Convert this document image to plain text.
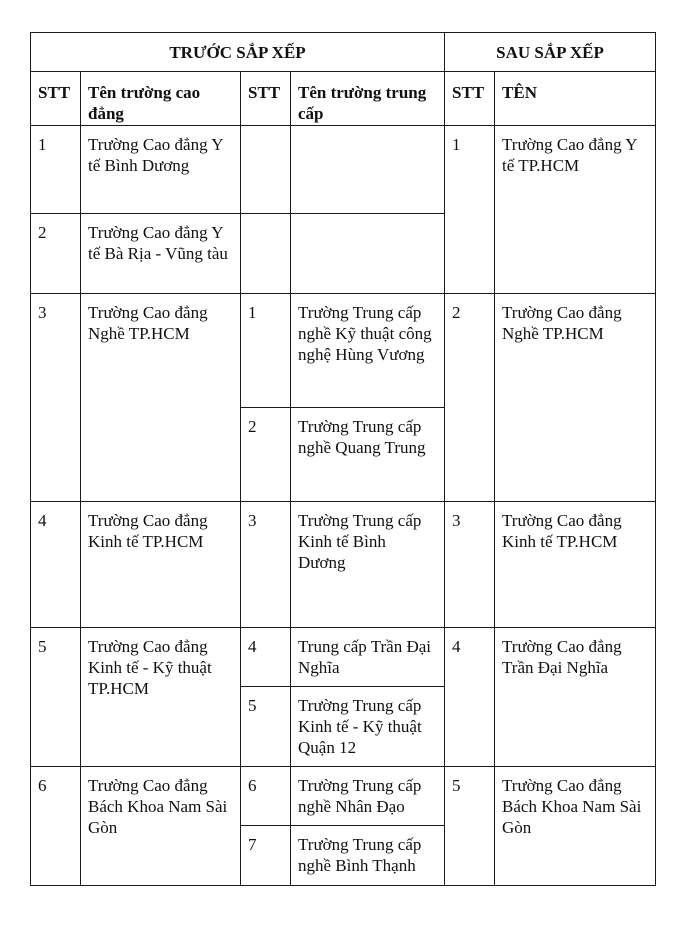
TRƯỚC SẮP XẾP				SAU SẮP XẾP	
STT	Tên trường cao đẳng	STT	Tên trường trung cấp	STT	TÊN
1	Trường Cao đẳng Y tế Bình Dương			1	Trường Cao đẳng Y tế TP.HCM
2	Trường Cao đẳng Y tế Bà Rịa - Vũng tàu				
3	Trường Cao đẳng Nghề TP.HCM	1	Trường Trung cấp nghề Kỹ thuật công nghệ Hùng Vương	2	Trường Cao đẳng Nghề TP.HCM
		2	Trường Trung cấp nghề Quang Trung		
4	Trường Cao đẳng Kinh tế TP.HCM	3	Trường Trung cấp Kinh tế Bình Dương	3	Trường Cao đẳng Kinh tế TP.HCM
5	Trường Cao đẳng Kinh tế - Kỹ thuật TP.HCM	4	Trung cấp Trần Đại Nghĩa	4	Trường Cao đẳng Trần Đại Nghĩa
		5	Trường Trung cấp Kinh tế - Kỹ thuật Quận 12		
6	Trường Cao đẳng Bách Khoa Nam Sài Gòn	6	Trường Trung cấp nghề Nhân Đạo	5	Trường Cao đẳng Bách Khoa Nam Sài Gòn
		7	Trường Trung cấp nghề Bình Thạnh		
